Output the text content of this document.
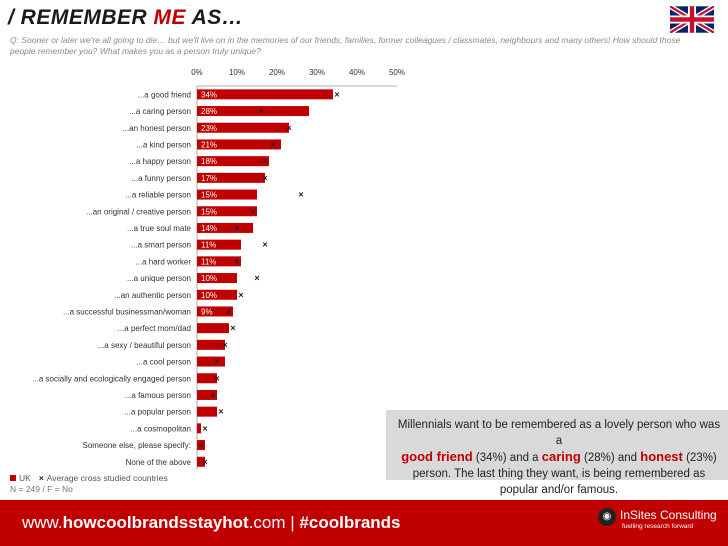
/ REMEMBER ME AS…
Q: Sooner or later we're all going to die… but we'll live on in the memories of our friends, families, former colleagues / classmates, neighbours and many others! How should those people remember you? What makes you as a person truly unique?
0%	10%	20%	30%	40%	50%
...a good friend 34%	×
...a caring person 28%	×
...an honest person 23%	×
...a kind person 21%	×
...a happy person 18%	×
...a funny person 17%	×
...a reliable person 15%	×
...an original / creative person 15%	×
...a true soul mate 14% ×
...a smart person 11%	×
...a hard worker 11% ×
...a unique person 10%	×
...an authentic person 10% ×
...a successful businessman/woman 9% ×
...a perfect mom/dad	×
...a sexy / beautiful person	×
...a cool person	×
...a socially and ecologically engaged person	×
...a famous person ×
...a popular person	×
...a cosmopolitan ×
Someone else, please specify: ×
None of the above ×
UK × Average cross studied countries
N = 249 / F = No
Millennials want to be remembered as a lovely person who was a
good friend (34%) and a caring (28%) and honest (23%)
person. The last thing they want, is being remembered as popular and/or famous.
www.howcoolbrandsstayhot.com | #coolbrands	◉ InSites Consulting
fuelling research forward
